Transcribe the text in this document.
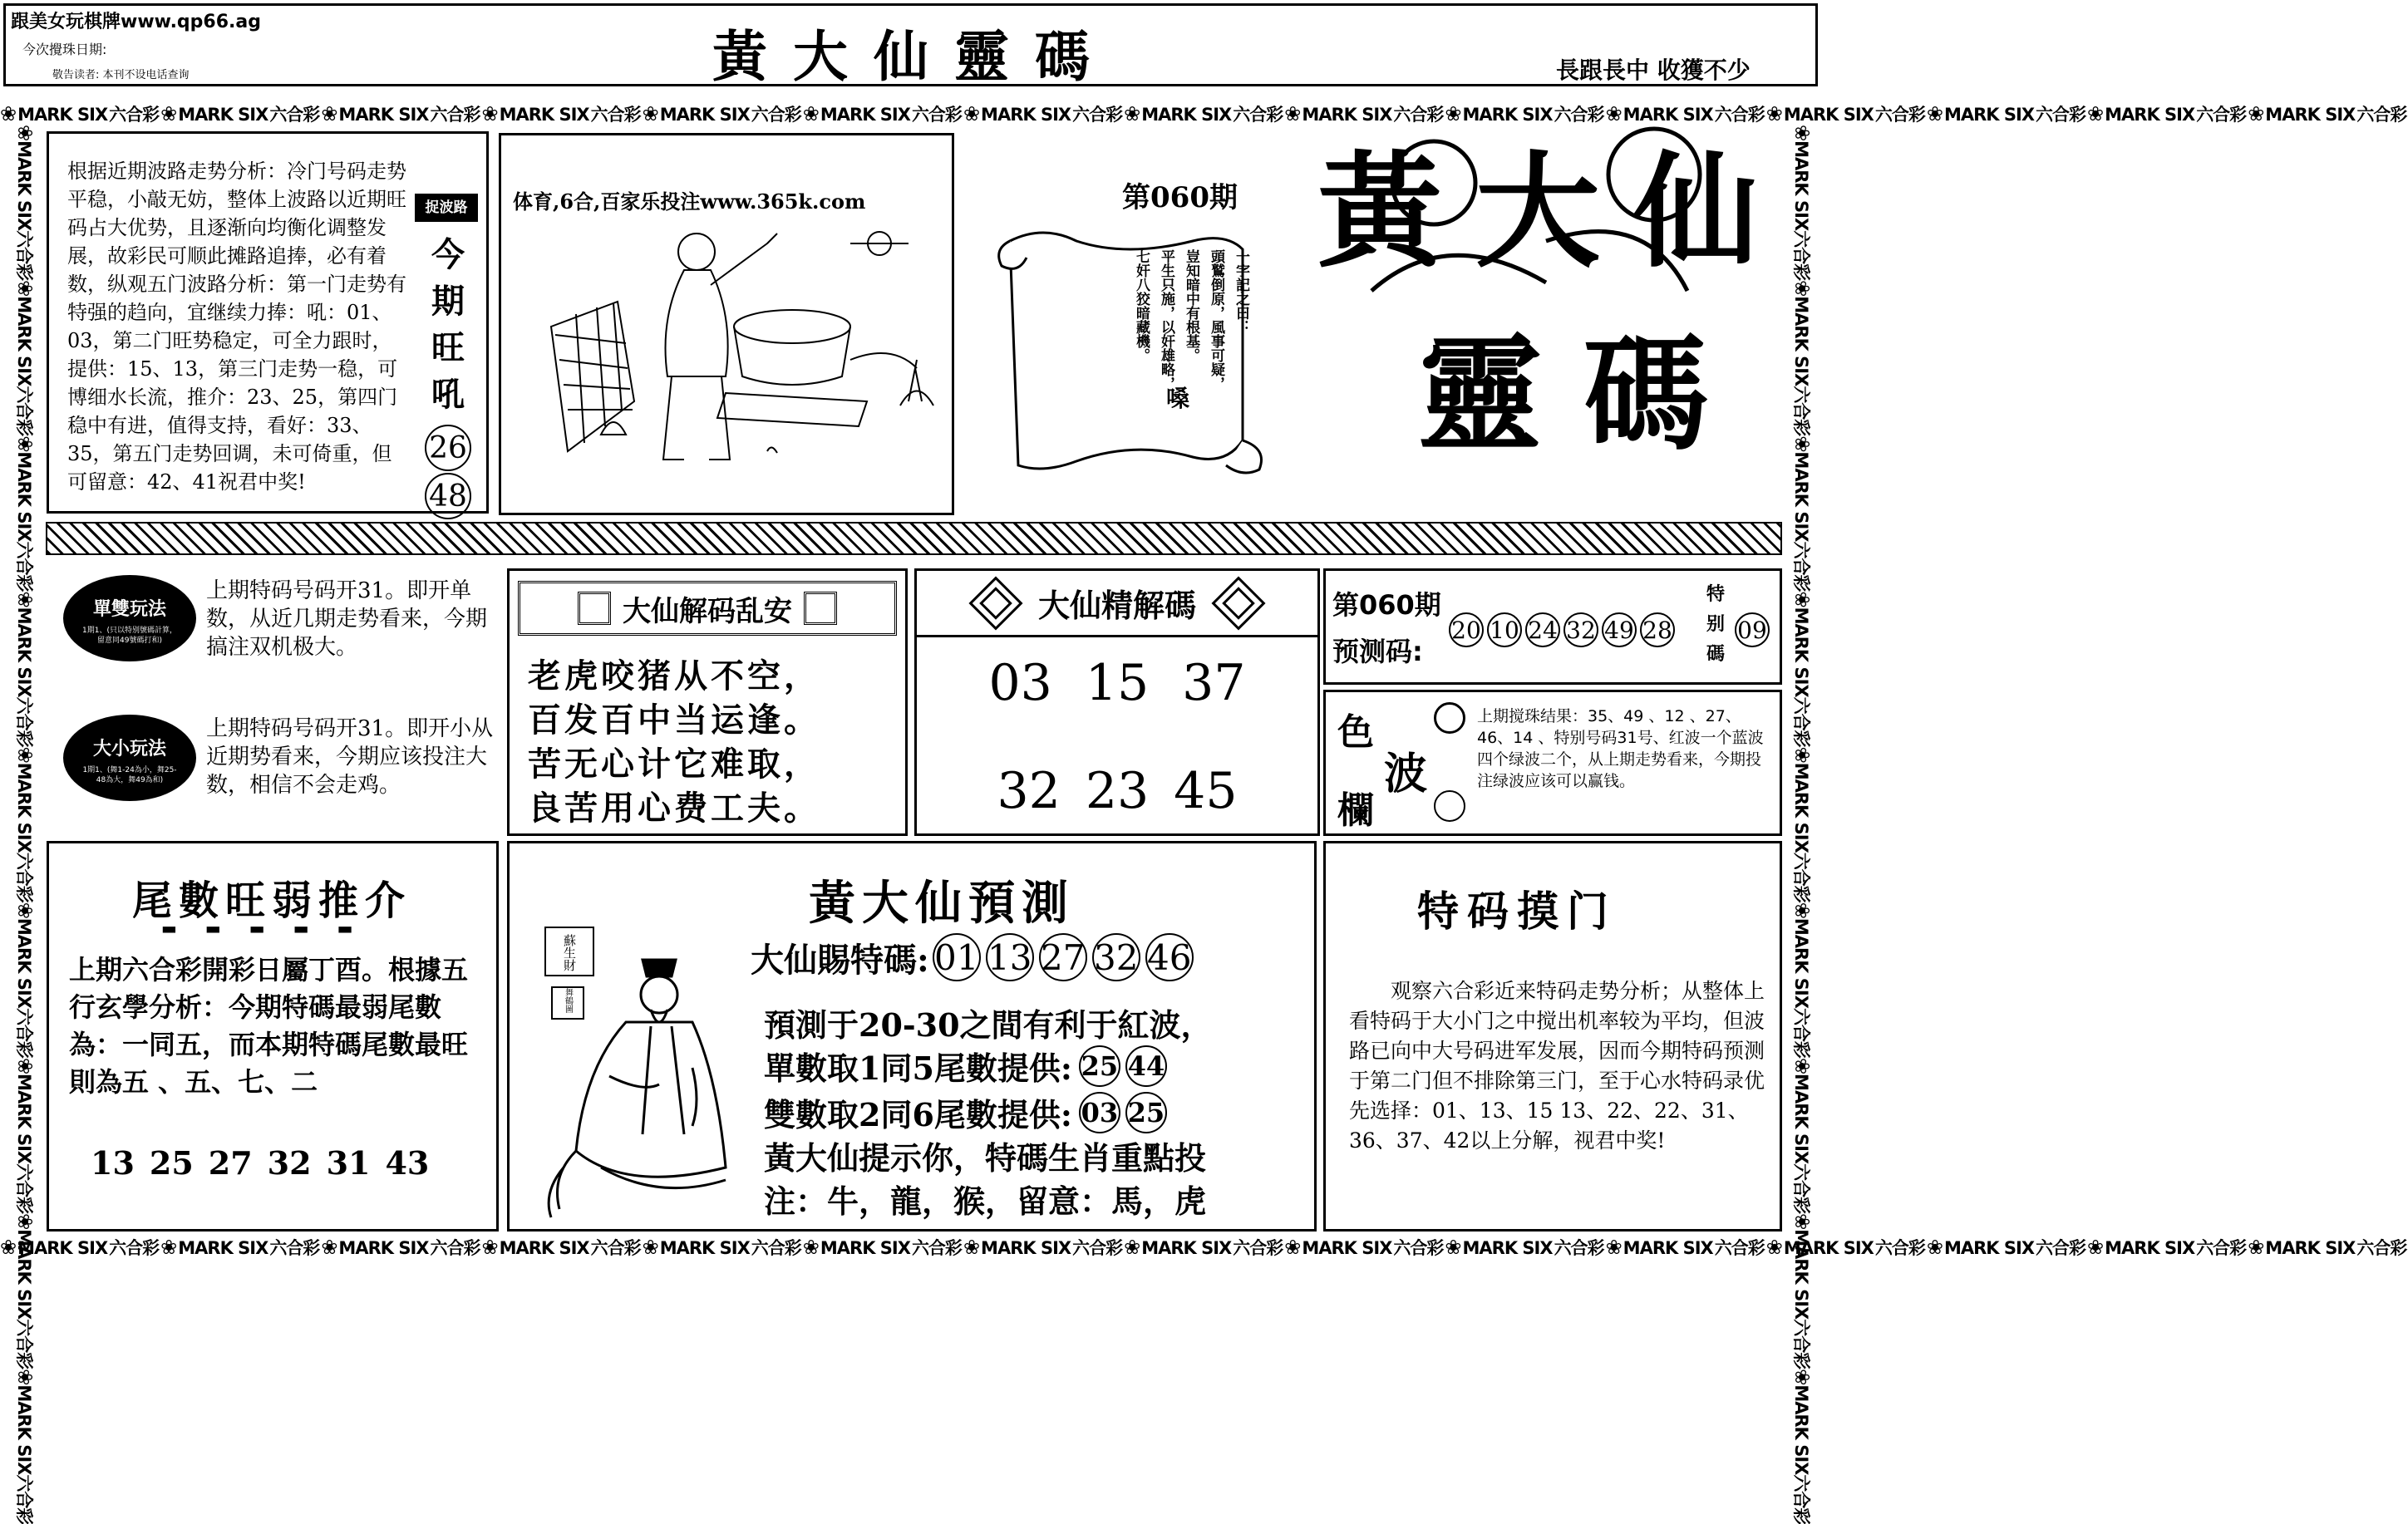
跟美女玩棋牌www.qp66.ag
今次攪珠日期:
敬告读者: 本刊不设电话查询	黃 大 仙 靈 碼	長跟長中 收獲不少
❀MARK SIX六合彩❀MARK SIX六合彩❀MARK SIX六合彩❀MARK SIX六合彩❀MARK SIX六合彩❀MARK SIX六合彩❀MARK SIX六合彩❀MARK SIX六合彩❀MARK SIX六合彩❀MARK SIX六合彩❀MARK SIX六合彩❀MARK SIX六合彩❀MARK SIX六合彩❀MARK SIX六合彩❀MARK SIX六合彩
❀MARK SIX六合彩❀MARK SIX六合彩❀MARK SIX六合彩❀MARK SIX六合彩❀MARK SIX六合彩❀MARK SIX六合彩❀MARK SIX六合彩❀MARK SIX六合彩❀MARK SIX六合彩❀MARK SIX六合彩❀MARK SIX六合彩❀MARK SIX六合彩❀MARK SIX六合彩❀MARK SIX六合彩❀MARK SIX六合彩
❀MARK SIX六合彩❀MARK SIX六合彩❀MARK SIX六合彩❀MARK SIX六合彩❀MARK SIX六合彩❀MARK SIX六合彩❀MARK SIX六合彩❀MARK SIX六合彩❀MARK SIX六合彩
❀MARK SIX六合彩❀MARK SIX六合彩❀MARK SIX六合彩❀MARK SIX六合彩❀MARK SIX六合彩❀MARK SIX六合彩❀MARK SIX六合彩❀MARK SIX六合彩❀MARK SIX六合彩
根据近期波路走势分析：冷门号码走势平稳，小敲无妨，整体上波路以近期旺码占大优势，且逐渐向均衡化调整发展，故彩民可顺此摊路追捧，必有着数，纵观五门波路分析：第一门走势有特强的趋向，宜继续力捧：吼：01、03，第二门旺势稳定，可全力跟时，提供：15、13，第三门走势一稳，可博细水长流，推介：23、25，第四门稳中有进，值得支持，看好：33、35，第五门走势回调，未可倚重，但可留意：42、41祝君中奖!
捉波路
今
期
旺
吼
26
48
体育,6合,百家乐投注www.365k.com	第060期
一字記之曰：
頭鷲倒原，風事可疑，
豈知暗中有根基。
平生只施，以奸雄略，
七奸八狡暗藏機。
嗓
黃 大 仙
靈 碼
單雙玩法
1期1、(只以特别號碼計算，留意同49號碼打和)
上期特码号码开31。即开单数，从近几期走势看来，今期搞注双机极大。
大小玩法
1期1、(舞1-24為小，舞25-48為大，舞49為和)
上期特码号码开31。即开小从近期势看来，今期应该投注大数，相信不会走鸡。
大仙解码乱安
老虎咬猪从不空，
百发百中当运逢。
苦无心计它难取，
良苦用心费工夫。
大仙精解碼
03 15 37
32 23 45
第060期
预测码:
20 10 24 32 49 28
特
别
碼
09
色
波
欄
上期搅珠结果：35、49 、12 、27、46、14 、特别号码31号、红波一个蓝波四个绿波二个，从上期走势看来，今期投注绿波应该可以赢钱。
尾數旺弱推介
▬▬▬▬▬
上期六合彩開彩日屬丁酉。根據五行玄學分析：今期特碼最弱尾數為：一同五，而本期特碼尾數最旺則為五 、五、七、二
13 25 27 32 31 43
黃大仙預測
蘇生財
舞鶴圖
大仙賜特碼: 01 13 27 32 46
預測于20-30之間有利于紅波，
單數取1同5尾數提供: 25 44
雙數取2同6尾數提供: 03 25
黃大仙提示你，特碼生肖重點投
注：牛，龍，猴，留意：馬，虎
特码摸门
观察六合彩近来特码走势分析；从整体上看特码于大小门之中搅出机率较为平均，但波路已向中大号码进军发展，因而今期特码预测于第二门但不排除第三门，至于心水特码录优先选择：01、13、15 13、22、22、31、36、37、42以上分解，视君中奖!
